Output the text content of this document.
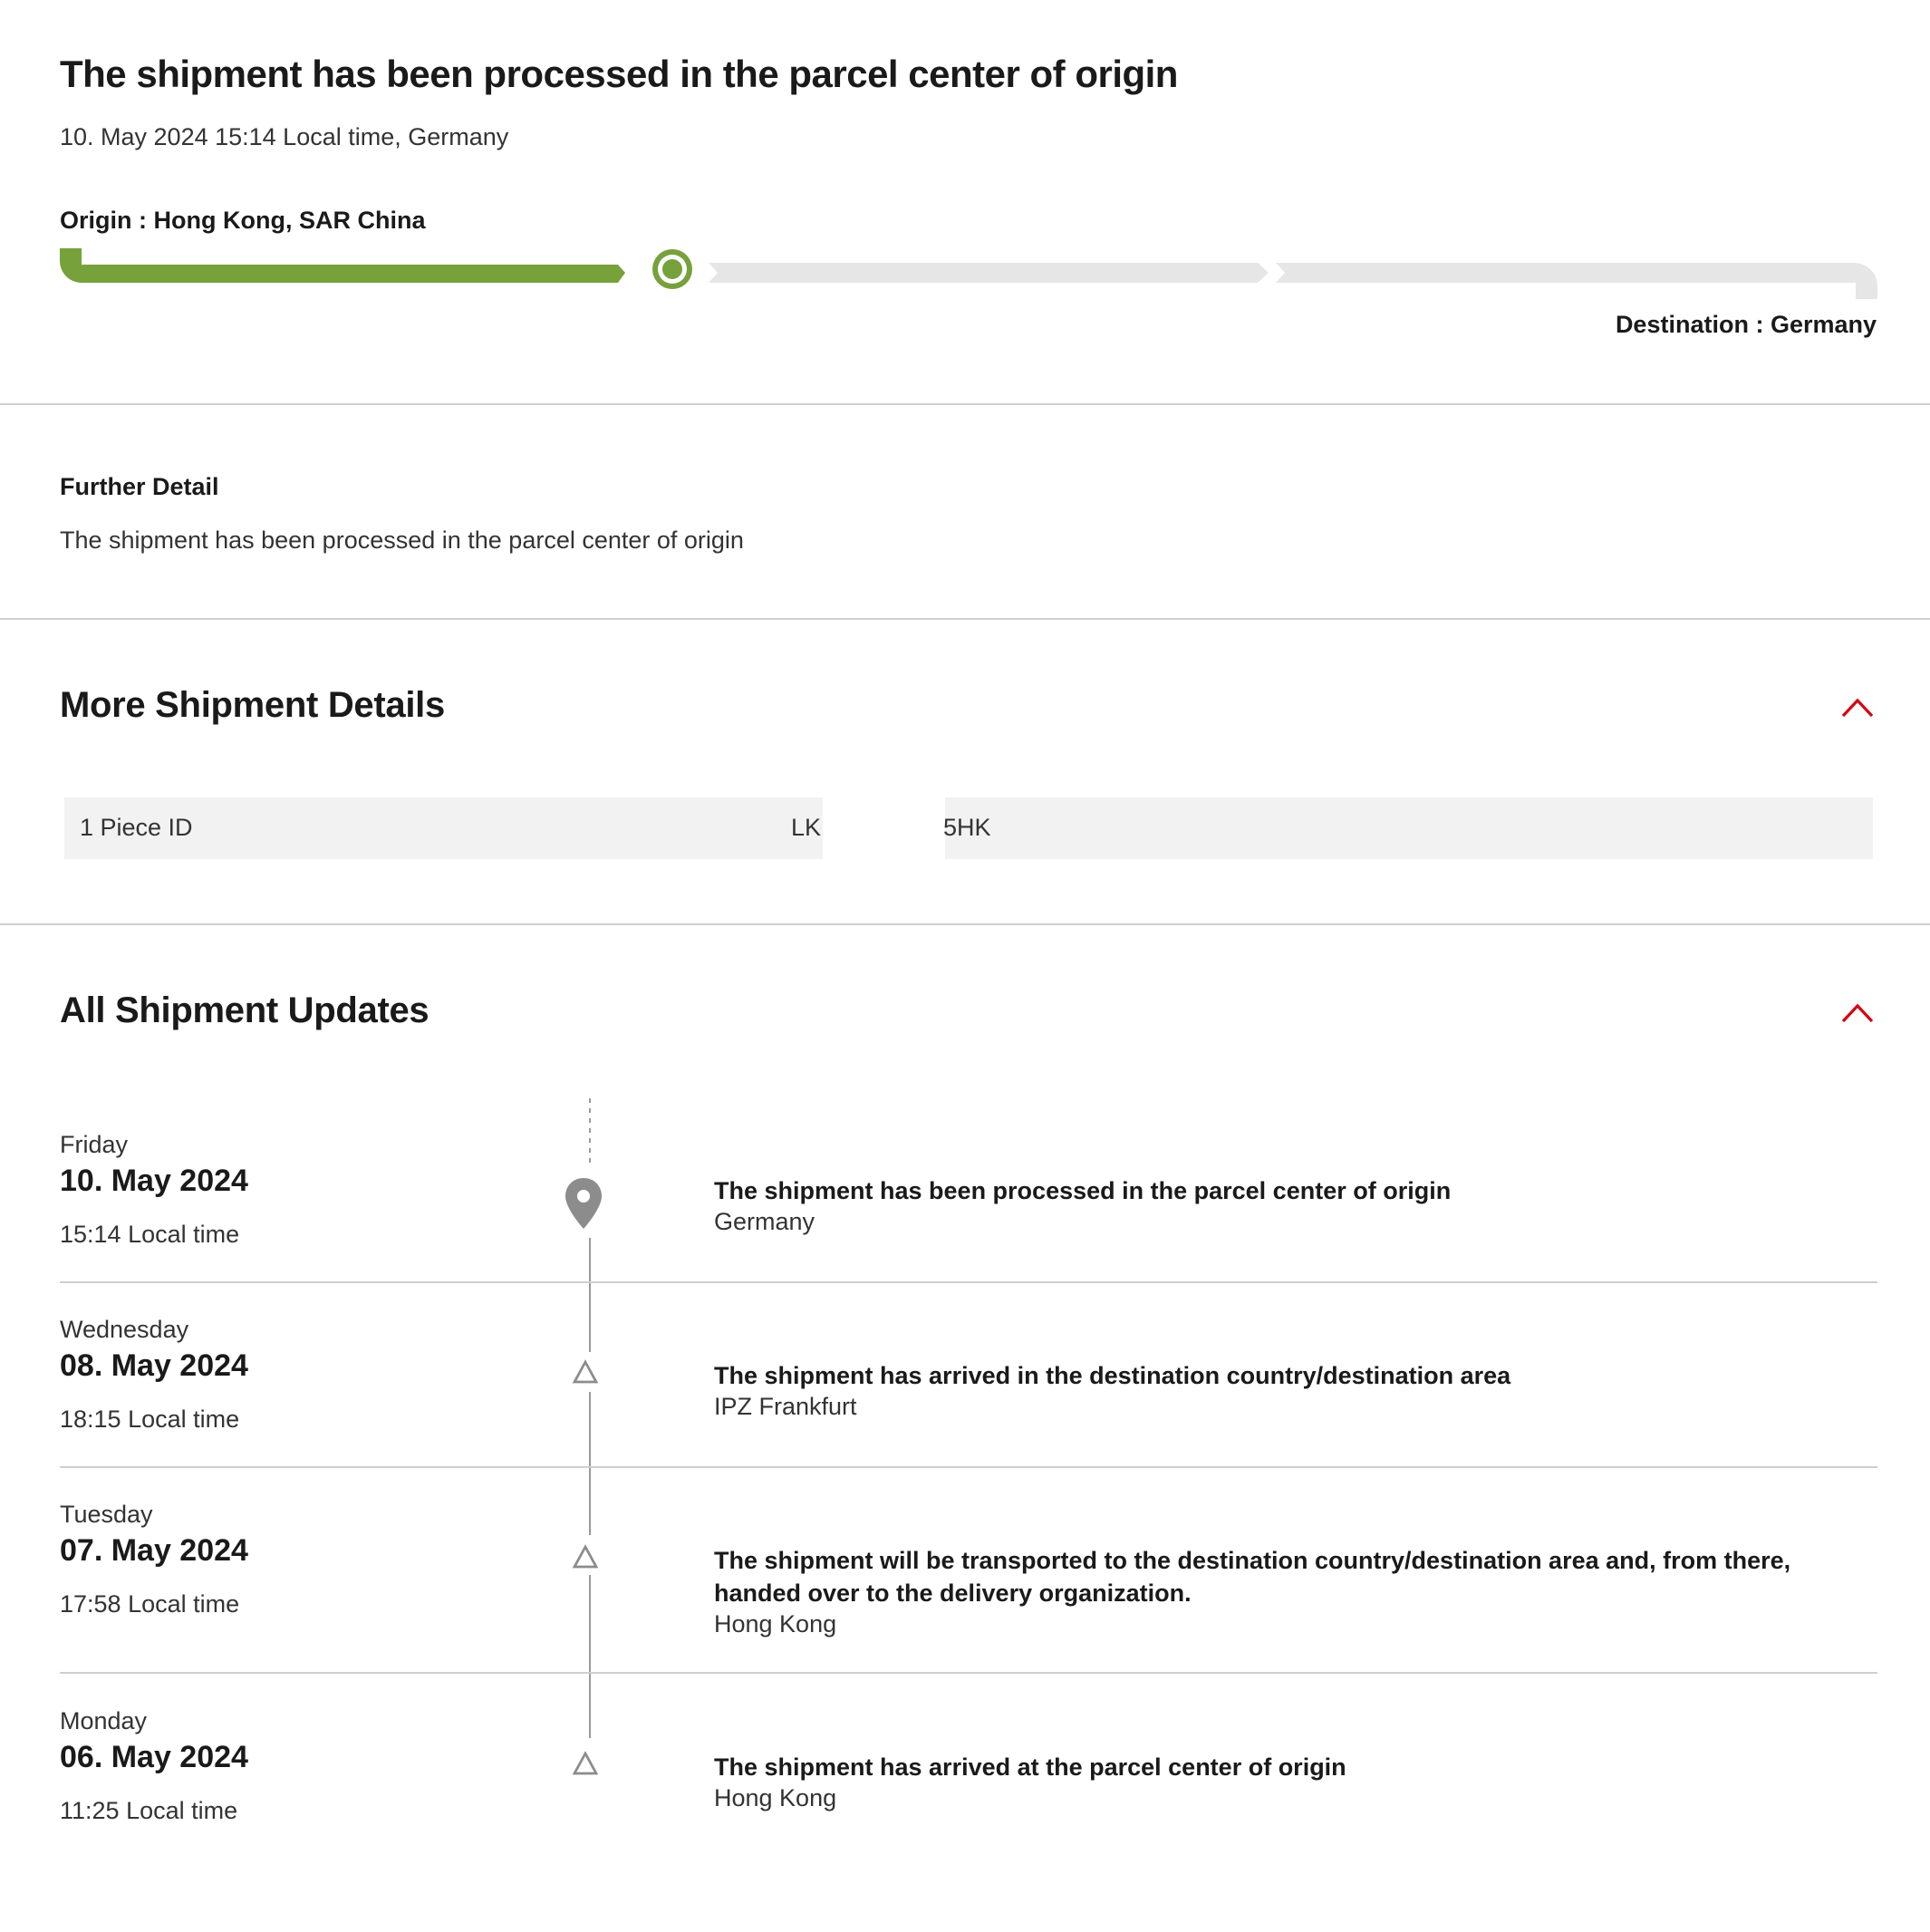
The shipment has been processed in the parcel center of origin
10. May 2024 15:14 Local time, Germany
Origin : Hong Kong, SAR China
Destination : Germany
Further Detail
The shipment has been processed in the parcel center of origin
More Shipment Details
1 Piece ID	LK	5HK
All Shipment Updates
Friday
10. May 2024
15:14 Local time
The shipment has been processed in the parcel center of origin
Germany
Wednesday
08. May 2024
18:15 Local time
The shipment has arrived in the destination country/destination area
IPZ Frankfurt
Tuesday
07. May 2024
17:58 Local time
The shipment will be transported to the destination country/destination area and, from there, handed over to the delivery organization.
Hong Kong
Monday
06. May 2024
11:25 Local time
The shipment has arrived at the parcel center of origin
Hong Kong
